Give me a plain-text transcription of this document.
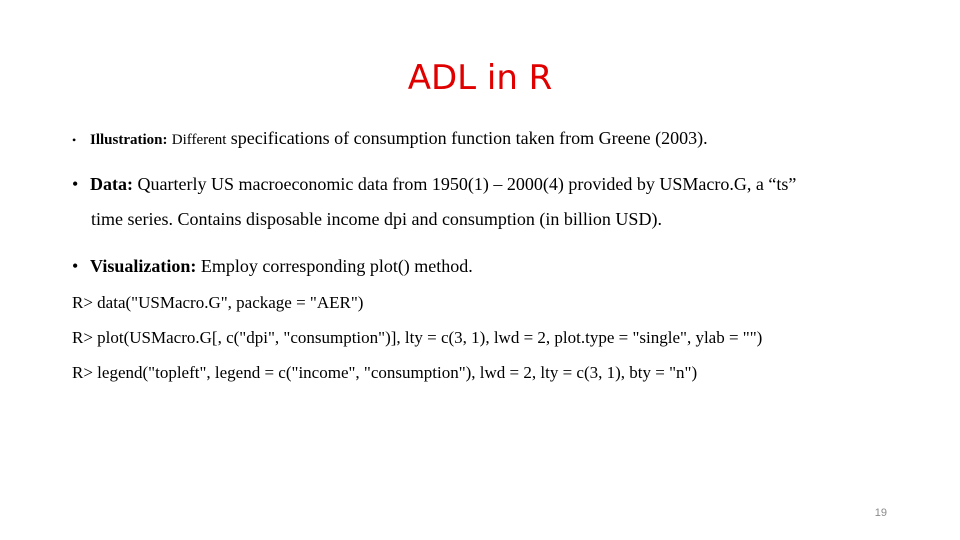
ADL in R
• Illustration: Different specifications of consumption function taken from Greene (2003).
• Data: Quarterly US macroeconomic data from 1950(1) – 2000(4) provided by USMacro.G, a “ts”
time series. Contains disposable income dpi and consumption (in billion USD).
• Visualization: Employ corresponding plot() method.
R> data("USMacro.G", package = "AER")
R> plot(USMacro.G[, c("dpi", "consumption")], lty = c(3, 1), lwd = 2, plot.type = "single", ylab = "")
R> legend("topleft", legend = c("income", "consumption"), lwd = 2, lty = c(3, 1), bty = "n")
19
